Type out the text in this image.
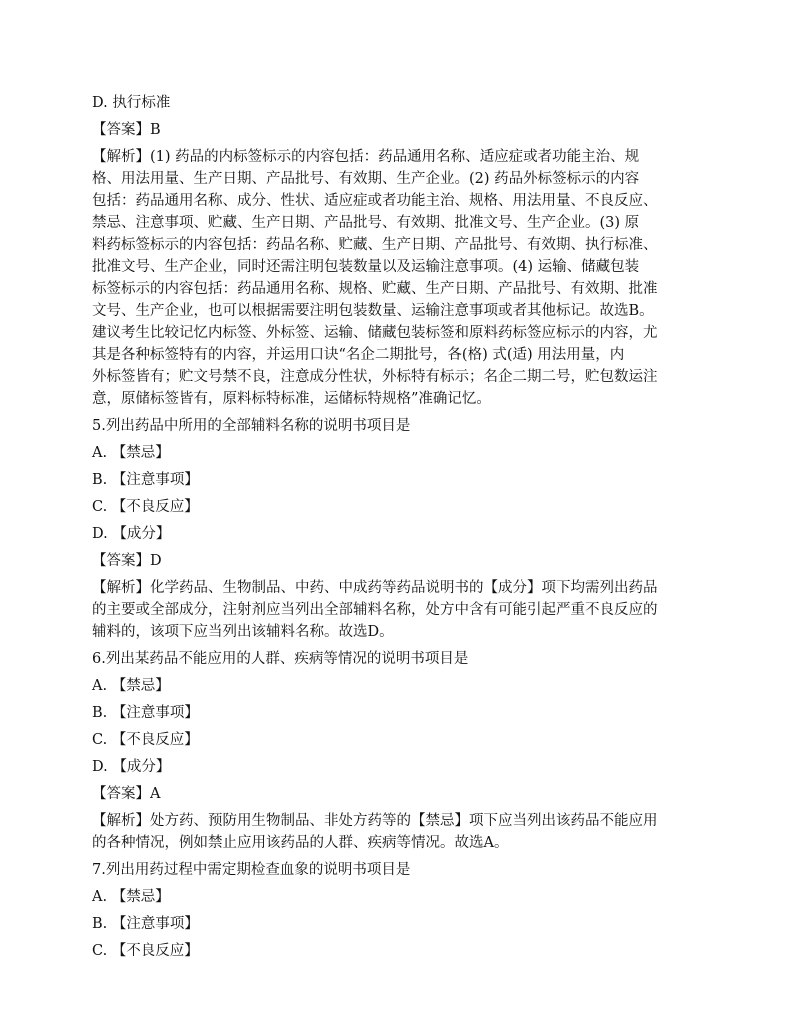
D. 执行标准

【答案】B

【解析】(1) 药品的内标签标示的内容包括：药品通用名称、适应症或者功能主治、规
格、用法用量、生产日期、产品批号、有效期、生产企业。(2) 药品外标签标示的内容
包括：药品通用名称、成分、性状、适应症或者功能主治、规格、用法用量、不良反应、
禁忌、注意事项、贮藏、生产日期、产品批号、有效期、批准文号、生产企业。(3) 原
料药标签标示的内容包括：药品名称、贮藏、生产日期、产品批号、有效期、执行标准、
批准文号、生产企业，同时还需注明包装数量以及运输注意事项。(4) 运输、储藏包装
标签标示的内容包括：药品通用名称、规格、贮藏、生产日期、产品批号、有效期、批准
文号、生产企业，也可以根据需要注明包装数量、运输注意事项或者其他标记。故选B。
建议考生比较记忆内标签、外标签、运输、储藏包装标签和原料药标签应标示的内容，尤
其是各种标签特有的内容，并运用口诀“名企二期批号，各(格) 式(适) 用法用量，内
外标签皆有；贮文号禁不良，注意成分性状，外标特有标示；名企二期二号，贮包数运注
意，原储标签皆有，原料标特标准，运储标特规格”准确记忆。

5.列出药品中所用的全部辅料名称的说明书项目是

A. 【禁忌】

B. 【注意事项】

C. 【不良反应】

D. 【成分】

【答案】D

【解析】化学药品、生物制品、中药、中成药等药品说明书的【成分】项下均需列出药品
的主要或全部成分，注射剂应当列出全部辅料名称，处方中含有可能引起严重不良反应的
辅料的，该项下应当列出该辅料名称。故选D。

6.列出某药品不能应用的人群、疾病等情况的说明书项目是

A. 【禁忌】

B. 【注意事项】

C. 【不良反应】

D. 【成分】

【答案】A

【解析】处方药、预防用生物制品、非处方药等的【禁忌】项下应当列出该药品不能应用
的各种情况，例如禁止应用该药品的人群、疾病等情况。故选A。

7.列出用药过程中需定期检查血象的说明书项目是

A. 【禁忌】

B. 【注意事项】

C. 【不良反应】
